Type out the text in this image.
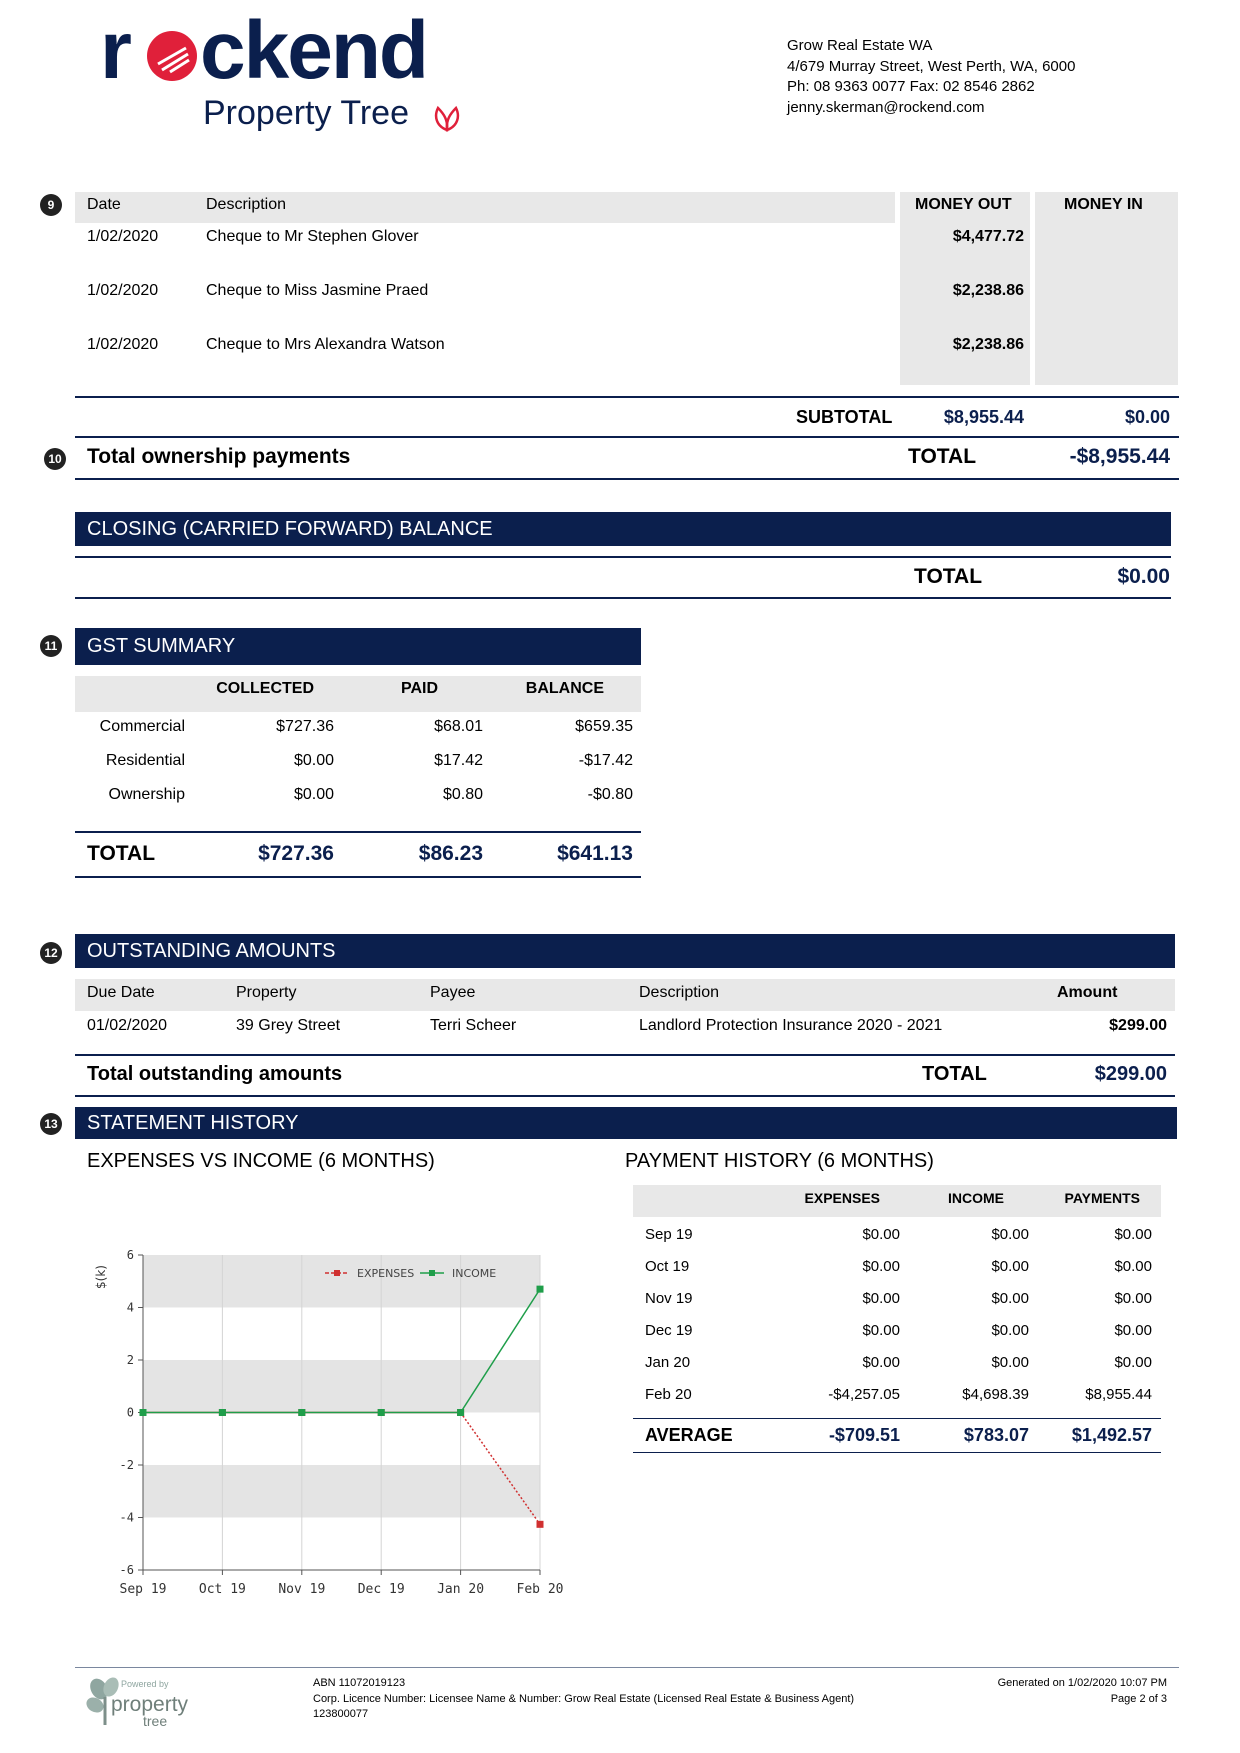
r ckend
Property Tree
Grow Real Estate WA
4/679 Murray Street, West Perth, WA, 6000
Ph: 08 9363 0077 Fax: 02 8546 2862
jenny.skerman@rockend.com
9	Date	Description	MONEY OUT	MONEY IN
1/02/2020	Cheque to Mr Stephen Glover	$4,477.72
1/02/2020	Cheque to Miss Jasmine Praed	$2,238.86
1/02/2020	Cheque to Mrs Alexandra Watson	$2,238.86
SUBTOTAL	$8,955.44	$0.00
10 Total ownership payments	TOTAL	-$8,955.44
CLOSING (CARRIED FORWARD) BALANCE
TOTAL	$0.00
11	GST SUMMARY
COLLECTED	PAID	BALANCE
Commercial	$727.36	$68.01	$659.35
Residential	$0.00	$17.42	-$17.42
Ownership	$0.00	$0.80	-$0.80
TOTAL	$727.36	$86.23	$641.13
12	OUTSTANDING AMOUNTS
Due Date	Property	Payee	Description	Amount
01/02/2020	39 Grey Street	Terri Scheer	Landlord Protection Insurance 2020 - 2021	$299.00
Total outstanding amounts	TOTAL	$299.00
13	STATEMENT HISTORY
EXPENSES VS INCOME (6 MONTHS)	PAYMENT HISTORY (6 MONTHS)
-6
-4
-2
0
2
4
6
Sep 19 Oct 19 Nov 19 Dec 19 Jan 20 Feb 20
$(k)	EXPENSES	INCOME
EXPENSES	INCOME	PAYMENTS
Sep 19	$0.00	$0.00	$0.00
Oct 19	$0.00	$0.00	$0.00
Nov 19	$0.00	$0.00	$0.00
Dec 19	$0.00	$0.00	$0.00
Jan 20	$0.00	$0.00	$0.00
Feb 20	-$4,257.05	$4,698.39	$8,955.44
AVERAGE	-$709.51	$783.07	$1,492.57
Powered by
property
tree
ABN 11072019123
Corp. Licence Number: Licensee Name & Number: Grow Real Estate (Licensed Real Estate & Business Agent)
123800077
Generated on 1/02/2020 10:07 PM
Page 2 of 3
